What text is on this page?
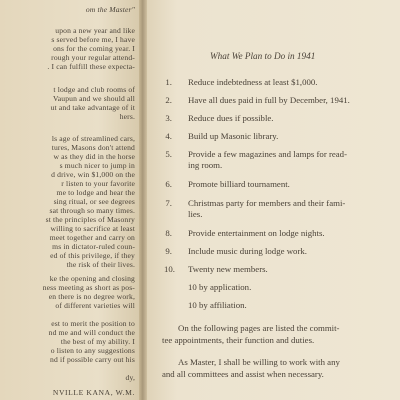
om the Master"
upon a new year and like
s served before me, I have
ons for the coming year. I
rough your regular attend-
. I can fulfill these expecta-
t lodge and club rooms of
Vaupun and we should all
ut and take advantage of it
hers.
ls age of streamlined cars,
tures, Masons don't attend
w as they did in the horse
s much nicer to jump in
d drive, win $1,000 on the
r listen to your favorite
me to lodge and hear the
sing ritual, or see degrees
sat through so many times.
st the principles of Masonry
willing to sacrifice at least
meet together and carry on
ms in dictator-ruled coun-
ed of this privilege, if they
the risk of their lives.
ke the opening and closing
ness meeting as short as pos-
en there is no degree work,
of different varieties will
est to merit the position to
nd me and will conduct the
the best of my ability. I
o listen to any suggestions
nd if possible carry out his
dy,
NVILLE KANA, W.M.
What We Plan to Do in 1941
1. Reduce indebtedness at least $1,000.
2. Have all dues paid in full by December, 1941.
3. Reduce dues if possible.
4. Build up Masonic library.
5. Provide a few magazines and lamps for read-
ing room.
6. Promote billiard tournament.
7. Christmas party for members and their fami-
lies.
8. Provide entertainment on lodge nights.
9. Include music during lodge work.
10. Twenty new members.
10 by application.
10 by affiliation.
On the following pages are listed the commit-
tee appointments, their function and duties.
As Master, I shall be willing to work with any
and all committees and assist when necessary.
